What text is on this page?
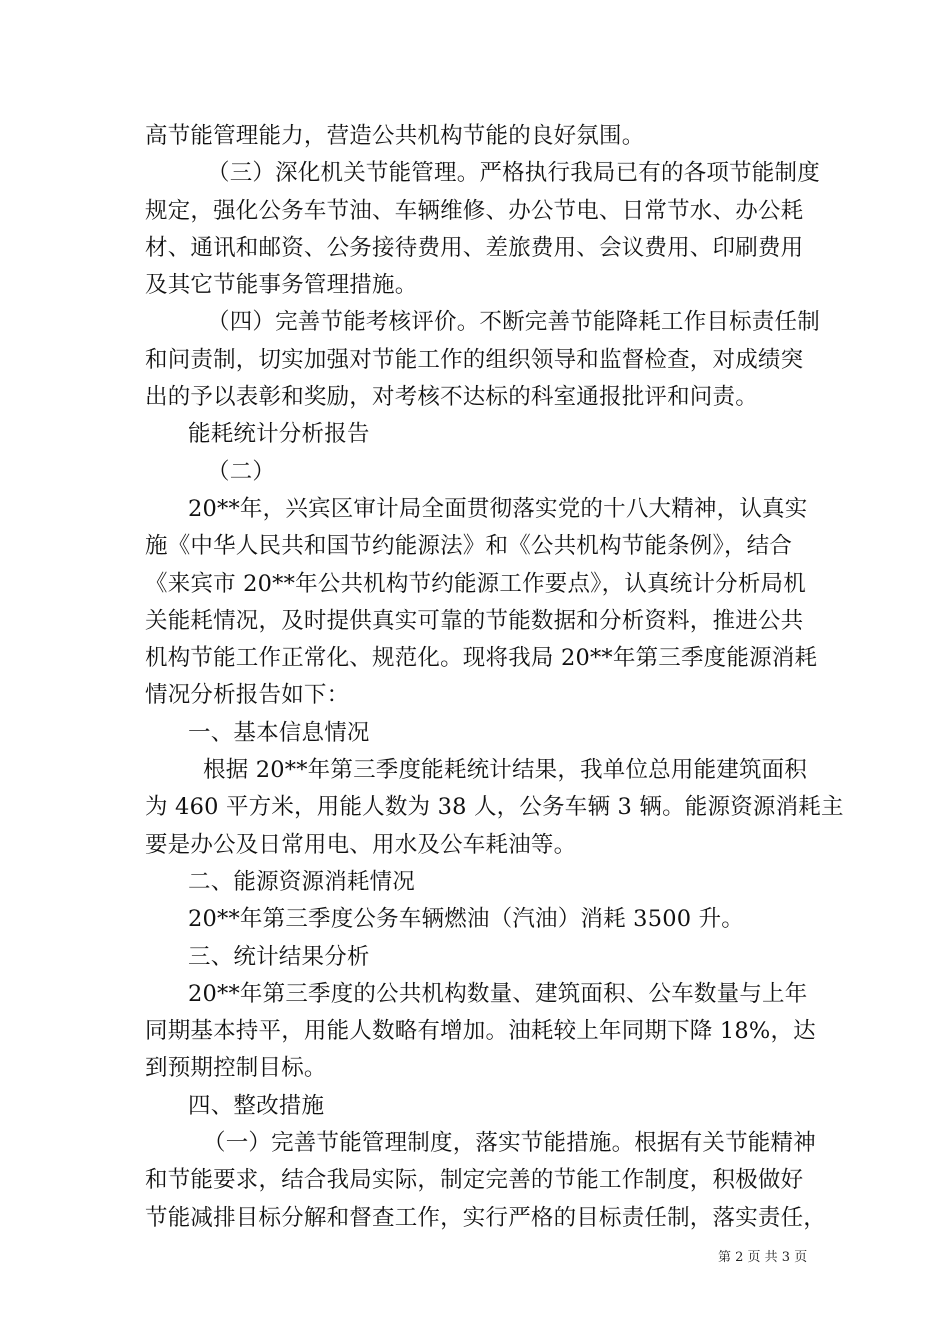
高节能管理能力，营造公共机构节能的良好氛围。

（三）深化机关节能管理。严格执行我局已有的各项节能制度

规定，强化公务车节油、车辆维修、办公节电、日常节水、办公耗

材、通讯和邮资、公务接待费用、差旅费用、会议费用、印刷费用

及其它节能事务管理措施。

（四）完善节能考核评价。不断完善节能降耗工作目标责任制

和问责制，切实加强对节能工作的组织领导和监督检查，对成绩突

出的予以表彰和奖励，对考核不达标的科室通报批评和问责。

能耗统计分析报告

（二）

20**年，兴宾区审计局全面贯彻落实党的十八大精神，认真实

施《中华人民共和国节约能源法》和《公共机构节能条例》，结合

《来宾市 20**年公共机构节约能源工作要点》，认真统计分析局机

关能耗情况，及时提供真实可靠的节能数据和分析资料，推进公共

机构节能工作正常化、规范化。现将我局 20**年第三季度能源消耗

情况分析报告如下：

一、基本信息情况

根据 20**年第三季度能耗统计结果，我单位总用能建筑面积

为 460 平方米，用能人数为 38 人，公务车辆 3 辆。能源资源消耗主

要是办公及日常用电、用水及公车耗油等。

二、能源资源消耗情况

20**年第三季度公务车辆燃油（汽油）消耗 3500 升。

三、统计结果分析

20**年第三季度的公共机构数量、建筑面积、公车数量与上年

同期基本持平，用能人数略有增加。油耗较上年同期下降 18%，达

到预期控制目标。

四、整改措施

（一）完善节能管理制度，落实节能措施。根据有关节能精神

和节能要求，结合我局实际，制定完善的节能工作制度，积极做好

节能减排目标分解和督查工作，实行严格的目标责任制，落实责任，

第 2 页 共 3 页
